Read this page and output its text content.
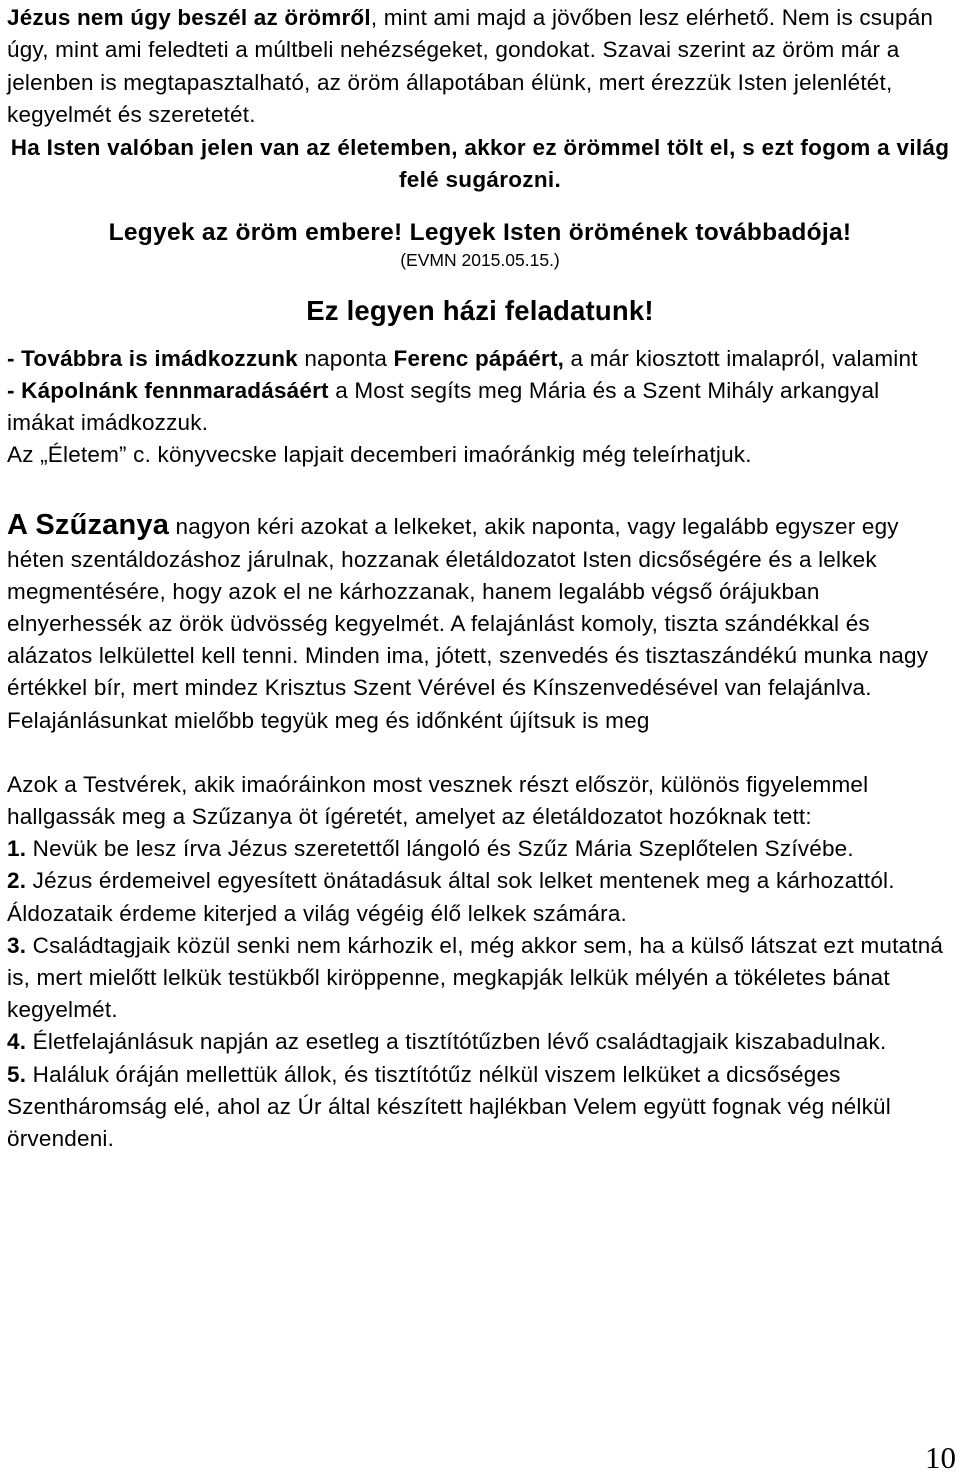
Jézus nem úgy beszél az örömről, mint ami majd a jövőben lesz elérhető. Nem is csupán úgy, mint ami feledteti a múltbeli nehézségeket, gondokat. Szavai szerint az öröm már a jelenben is megtapasztalható, az öröm állapotában élünk, mert érezzük Isten jelenlétét, kegyelmét és szeretetét.

Ha Isten valóban jelen van az életemben, akkor ez örömmel tölt el, s ezt fogom a világ felé sugározni.

Legyek az öröm embere! Legyek Isten örömének továbbadója!

(EVMN 2015.05.15.)

Ez legyen házi feladatunk!

- Továbbra is imádkozzunk naponta Ferenc pápáért, a már kiosztott imalapról, valamint
- Kápolnánk fennmaradásáért a Most segíts meg Mária és a Szent Mihály arkangyal imákat imádkozzuk.
Az „Életem” c. könyvecske lapjait decemberi imaóránkig még teleírhatjuk.

A Szűzanya nagyon kéri azokat a lelkeket, akik naponta, vagy legalább egyszer egy héten szentáldozáshoz járulnak, hozzanak életáldozatot Isten dicsőségére és a lelkek megmentésére, hogy azok el ne kárhozzanak, hanem legalább végső órájukban elnyerhessék az örök üdvösség kegyelmét. A felajánlást komoly, tiszta szándékkal és alázatos lelkülettel kell tenni. Minden ima, jótett, szenvedés és tisztaszándékú munka nagy értékkel bír, mert mindez Krisztus Szent Vérével és Kínszenvedésével van felajánlva. Felajánlásunkat mielőbb tegyük meg és időnként újítsuk is meg

Azok a Testvérek, akik imaóráinkon most vesznek részt először, különös figyelemmel hallgassák meg a Szűzanya öt ígéretét, amelyet az életáldozatot hozóknak tett:
1. Nevük be lesz írva Jézus szeretettől lángoló és Szűz Mária Szeplőtelen Szívébe.
2. Jézus érdemeivel egyesített önátadásuk által sok lelket mentenek meg a kárhozattól. Áldozataik érdeme kiterjed a világ végéig élő lelkek számára.
3. Családtagjaik közül senki nem kárhozik el, még akkor sem, ha a külső látszat ezt mutatná is, mert mielőtt lelkük testükből kiröppenne, megkapják lelkük mélyén a tökéletes bánat kegyelmét.
4. Életfelajánlásuk napján az esetleg a tisztítótűzben lévő családtagjaik kiszabadulnak.
5. Haláluk óráján mellettük állok, és tisztítótűz nélkül viszem lelküket a dicsőséges Szentháromság elé, ahol az Úr által készített hajlékban Velem együtt fognak vég nélkül örvendeni.
10
